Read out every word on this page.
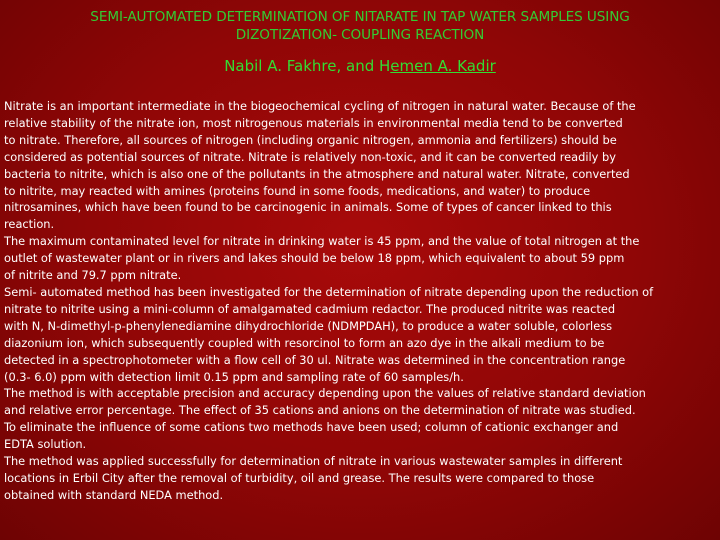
SEMI-AUTOMATED DETERMINATION OF NITARATE IN TAP WATER SAMPLES USING
DIZOTIZATION- COUPLING REACTION
Nabil A. Fakhre, and Hemen A. Kadir

Nitrate is an important intermediate in the biogeochemical cycling of nitrogen in natural water. Because of the
relative stability of the nitrate ion, most nitrogenous materials in environmental media tend to be converted
to nitrate. Therefore, all sources of nitrogen (including organic nitrogen, ammonia and fertilizers) should be
considered as potential sources of nitrate. Nitrate is relatively non-toxic, and it can be converted readily by
bacteria to nitrite, which is also one of the pollutants in the atmosphere and natural water. Nitrate, converted
to nitrite, may reacted with amines (proteins found in some foods, medications, and water) to produce
nitrosamines, which have been found to be carcinogenic in animals. Some of types of cancer linked to this
reaction.

The maximum contaminated level for nitrate in drinking water is 45 ppm, and the value of total nitrogen at the
outlet of wastewater plant or in rivers and lakes should be below 18 ppm, which equivalent to about 59 ppm
of nitrite and 79.7 ppm nitrate.

Semi- automated method has been investigated for the determination of nitrate depending upon the reduction of
nitrate to nitrite using a mini-column of amalgamated cadmium redactor. The produced nitrite was reacted
with N, N-dimethyl-p-phenylenediamine dihydrochloride (NDMPDAH), to produce a water soluble, colorless
diazonium ion, which subsequently coupled with resorcinol to form an azo dye in the alkali medium to be
detected in a spectrophotometer with a flow cell of 30 ul. Nitrate was determined in the concentration range
(0.3- 6.0) ppm with detection limit 0.15 ppm and sampling rate of 60 samples/h.

The method is with acceptable precision and accuracy depending upon the values of relative standard deviation
and relative error percentage. The effect of 35 cations and anions on the determination of nitrate was studied.
To eliminate the influence of some cations two methods have been used; column of cationic exchanger and
EDTA solution.

The method was applied successfully for determination of nitrate in various wastewater samples in different
locations in Erbil City after the removal of turbidity, oil and grease. The results were compared to those
obtained with standard NEDA method.
